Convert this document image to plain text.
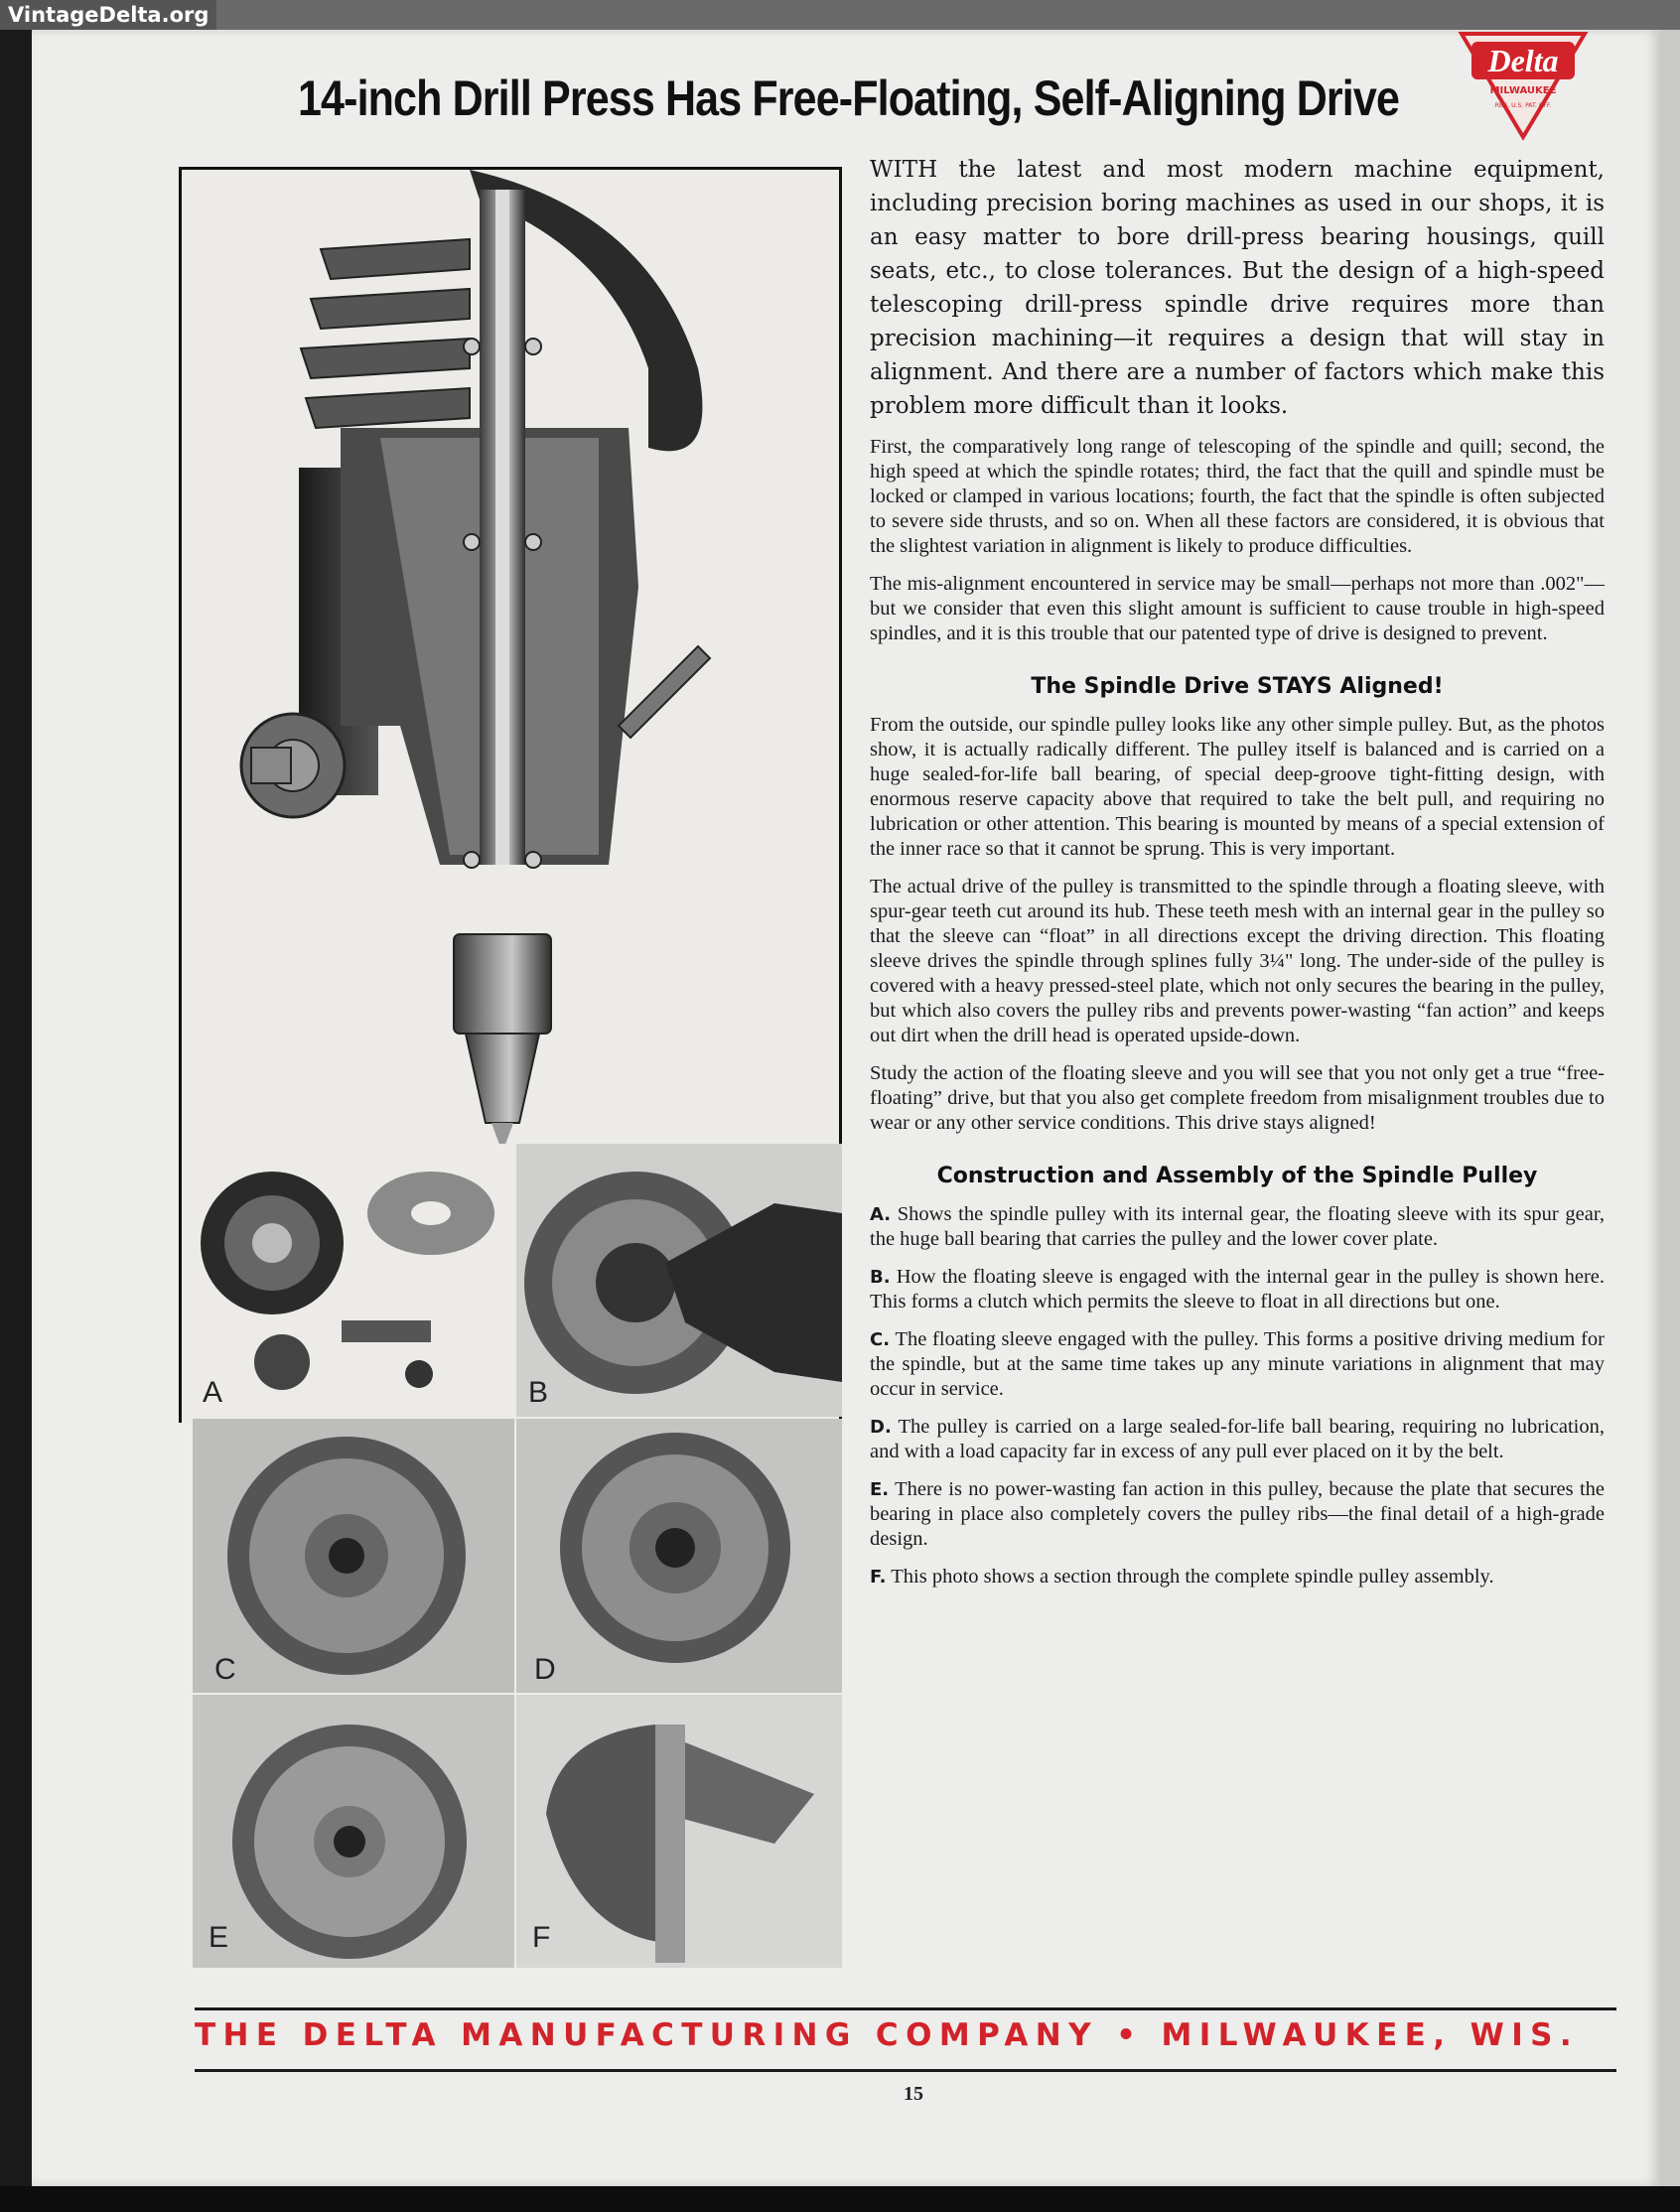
VintageDelta.org
14-inch Drill Press Has Free-Floating, Self-Aligning Drive
Delta
MILWAUKEE
REG. U.S. PAT. OFF.
A	B
C	D
E	F

WITH the latest and most modern machine equipment, including precision boring machines as used in our shops, it is an easy matter to bore drill-press bearing housings, quill seats, etc., to close tolerances. But the design of a high-speed telescoping drill-press spindle drive requires more than precision machining—it requires a design that will stay in alignment. And there are a number of factors which make this problem more difficult than it looks.

First, the comparatively long range of telescoping of the spindle and quill; second, the high speed at which the spindle rotates; third, the fact that the quill and spindle must be locked or clamped in various locations; fourth, the fact that the spindle is often subjected to severe side thrusts, and so on. When all these factors are considered, it is obvious that the slightest variation in alignment is likely to produce difficulties.

The mis-alignment encountered in service may be small—perhaps not more than .002"—but we consider that even this slight amount is sufficient to cause trouble in high-speed spindles, and it is this trouble that our patented type of drive is designed to prevent.

The Spindle Drive STAYS Aligned!

From the outside, our spindle pulley looks like any other simple pulley. But, as the photos show, it is actually radically different. The pulley itself is balanced and is carried on a huge sealed-for-life ball bearing, of special deep-groove tight-fitting design, with enormous reserve capacity above that required to take the belt pull, and requiring no lubrication or other attention. This bearing is mounted by means of a special extension of the inner race so that it cannot be sprung. This is very important.

The actual drive of the pulley is transmitted to the spindle through a floating sleeve, with spur-gear teeth cut around its hub. These teeth mesh with an internal gear in the pulley so that the sleeve can “float” in all directions except the driving direction. This floating sleeve drives the spindle through splines fully 3¼" long. The under-side of the pulley is covered with a heavy pressed-steel plate, which not only secures the bearing in the pulley, but which also covers the pulley ribs and prevents power-wasting “fan action” and keeps out dirt when the drill head is operated upside-down.

Study the action of the floating sleeve and you will see that you not only get a true “free-floating” drive, but that you also get complete freedom from misalignment troubles due to wear or any other service conditions. This drive stays aligned!

Construction and Assembly of the Spindle Pulley

A. Shows the spindle pulley with its internal gear, the floating sleeve with its spur gear, the huge ball bearing that carries the pulley and the lower cover plate.

B. How the floating sleeve is engaged with the internal gear in the pulley is shown here. This forms a clutch which permits the sleeve to float in all directions but one.

C. The floating sleeve engaged with the pulley. This forms a positive driving medium for the spindle, but at the same time takes up any minute variations in alignment that may occur in service.

D. The pulley is carried on a large sealed-for-life ball bearing, requiring no lubrication, and with a load capacity far in excess of any pull ever placed on it by the belt.

E. There is no power-wasting fan action in this pulley, because the plate that secures the bearing in place also completely covers the pulley ribs—the final detail of a high-grade design.

F. This photo shows a section through the complete spindle pulley assembly.

THE DELTA MANUFACTURING COMPANY • MILWAUKEE, WIS.
15
